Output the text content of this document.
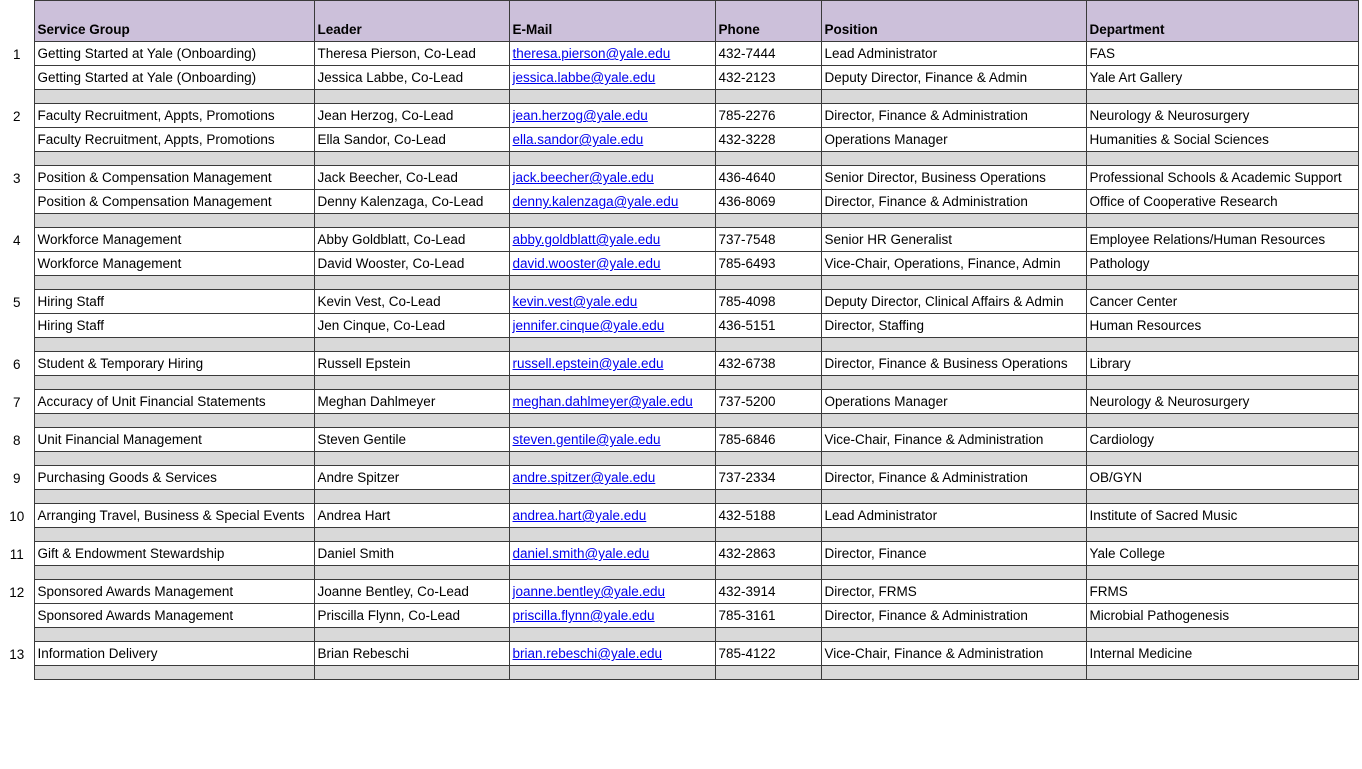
	Service Group	Leader	E-Mail	Phone	Position	Department
1	Getting Started at Yale (Onboarding)	Theresa Pierson, Co-Lead	theresa.pierson@yale.edu	432-7444	Lead Administrator	FAS
	Getting Started at Yale (Onboarding)	Jessica Labbe, Co-Lead	jessica.labbe@yale.edu	432-2123	Deputy Director, Finance & Admin	Yale Art Gallery

2	Faculty Recruitment, Appts, Promotions	Jean Herzog, Co-Lead	jean.herzog@yale.edu	785-2276	Director, Finance & Administration	Neurology & Neurosurgery
	Faculty Recruitment, Appts, Promotions	Ella Sandor, Co-Lead	ella.sandor@yale.edu	432-3228	Operations Manager	Humanities & Social Sciences

3	Position & Compensation Management	Jack Beecher, Co-Lead	jack.beecher@yale.edu	436-4640	Senior Director, Business Operations	Professional Schools & Academic Support
	Position & Compensation Management	Denny Kalenzaga, Co-Lead	denny.kalenzaga@yale.edu	436-8069	Director, Finance & Administration	Office of Cooperative Research

4	Workforce Management	Abby Goldblatt, Co-Lead	abby.goldblatt@yale.edu	737-7548	Senior HR Generalist	Employee Relations/Human Resources
	Workforce Management	David Wooster, Co-Lead	david.wooster@yale.edu	785-6493	Vice-Chair, Operations, Finance, Admin	Pathology

5	Hiring Staff	Kevin Vest, Co-Lead	kevin.vest@yale.edu	785-4098	Deputy Director, Clinical Affairs & Admin	Cancer Center
	Hiring Staff	Jen Cinque, Co-Lead	jennifer.cinque@yale.edu	436-5151	Director, Staffing	Human Resources

6	Student & Temporary Hiring	Russell Epstein	russell.epstein@yale.edu	432-6738	Director, Finance & Business Operations	Library

7	Accuracy of Unit Financial Statements	Meghan Dahlmeyer	meghan.dahlmeyer@yale.edu	737-5200	Operations Manager	Neurology & Neurosurgery

8	Unit Financial Management	Steven Gentile	steven.gentile@yale.edu	785-6846	Vice-Chair, Finance & Administration	Cardiology

9	Purchasing Goods & Services	Andre Spitzer	andre.spitzer@yale.edu	737-2334	Director, Finance & Administration	OB/GYN

10	Arranging Travel, Business & Special Events	Andrea Hart	andrea.hart@yale.edu	432-5188	Lead Administrator	Institute of Sacred Music

11	Gift & Endowment Stewardship	Daniel Smith	daniel.smith@yale.edu	432-2863	Director, Finance	Yale College

12	Sponsored Awards Management	Joanne Bentley, Co-Lead	joanne.bentley@yale.edu	432-3914	Director, FRMS	FRMS
	Sponsored Awards Management	Priscilla Flynn, Co-Lead	priscilla.flynn@yale.edu	785-3161	Director, Finance & Administration	Microbial Pathogenesis

13	Information Delivery	Brian Rebeschi	brian.rebeschi@yale.edu	785-4122	Vice-Chair, Finance & Administration	Internal Medicine
